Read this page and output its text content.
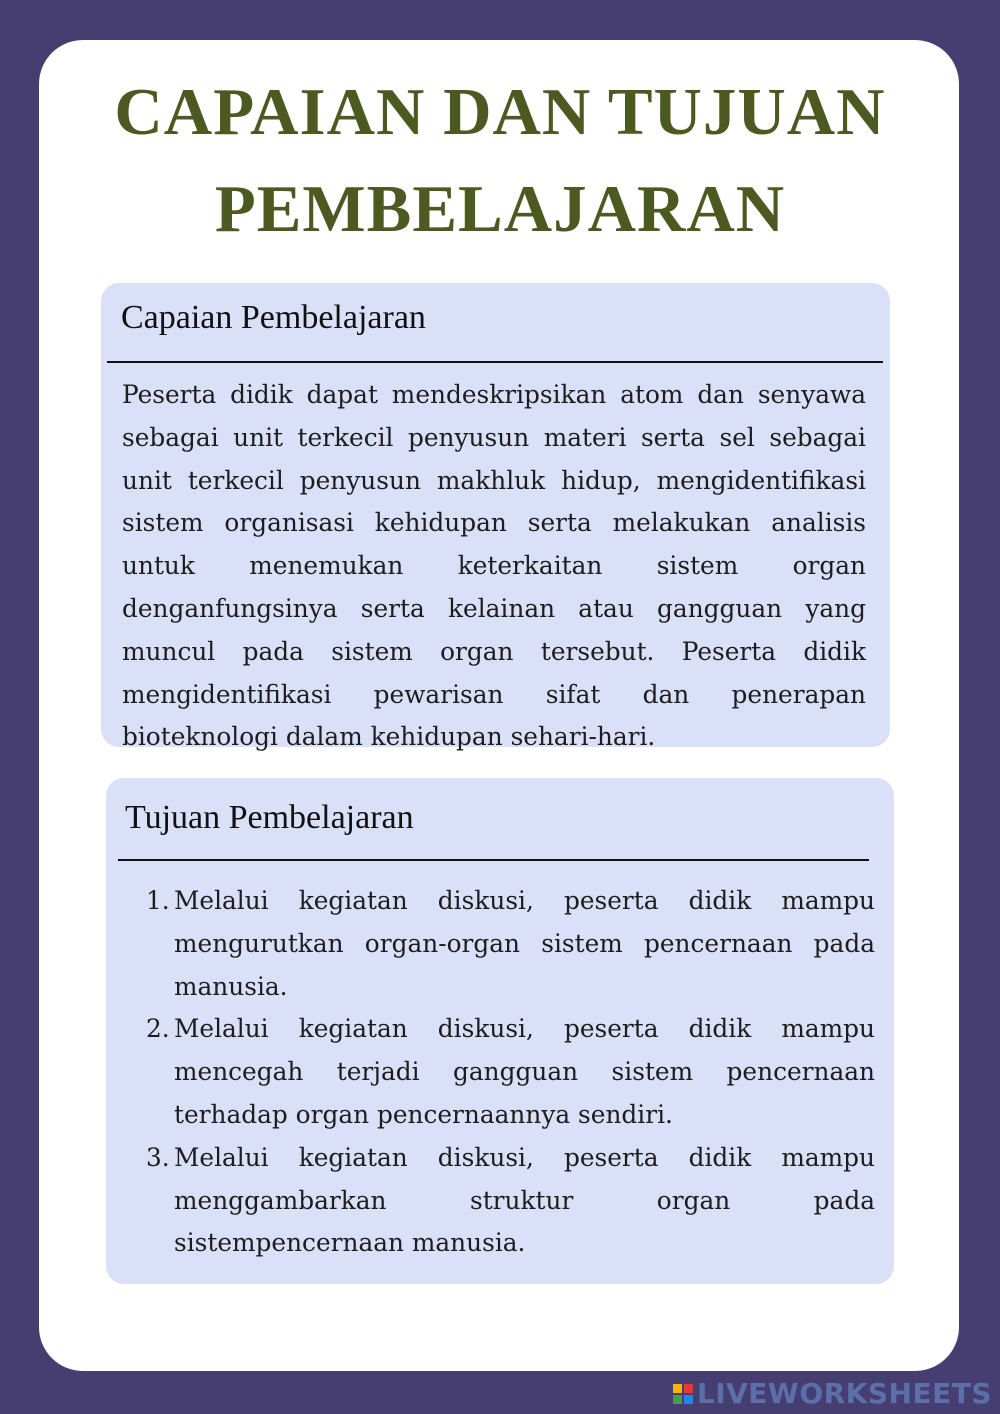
CAPAIAN DAN TUJUAN PEMBELAJARAN
Capaian Pembelajaran

Peserta didik dapat mendeskripsikan atom dan senyawa sebagai unit terkecil penyusun materi serta sel sebagai unit terkecil penyusun makhluk hidup, mengidentifikasi sistem organisasi kehidupan serta melakukan analisis untuk menemukan keterkaitan sistem organ denganfungsinya serta kelainan atau gangguan yang muncul pada sistem organ tersebut. Peserta didik mengidentifikasi pewarisan sifat dan penerapan bioteknologi dalam kehidupan sehari-hari.

Tujuan Pembelajaran
1. Melalui kegiatan diskusi, peserta didik mampu mengurutkan organ-organ sistem pencernaan pada manusia.
2. Melalui kegiatan diskusi, peserta didik mampu mencegah terjadi gangguan sistem pencernaan terhadap organ pencernaannya sendiri.
3. Melalui kegiatan diskusi, peserta didik mampu menggambarkan struktur organ pada sistempencernaan manusia.
LIVEWORKSHEETS
